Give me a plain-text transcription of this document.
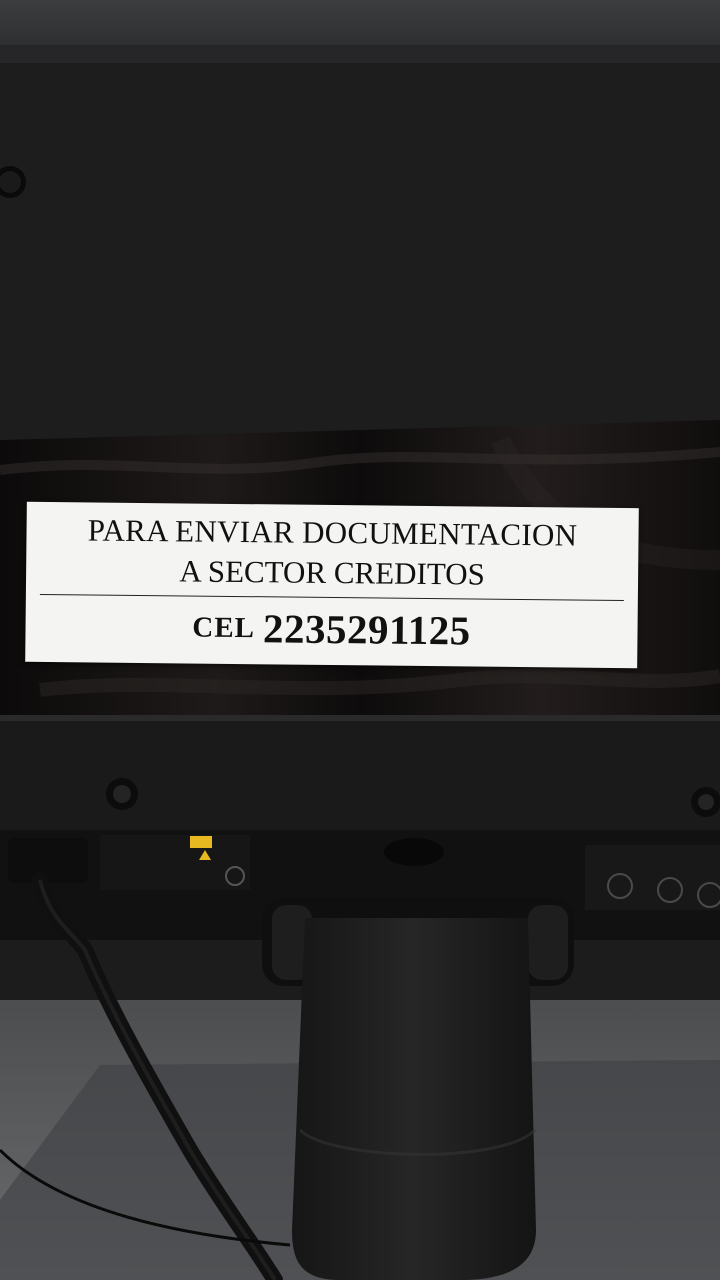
PARA ENVIAR DOCUMENTACION
A SECTOR CREDITOS
CEL 2235291125
